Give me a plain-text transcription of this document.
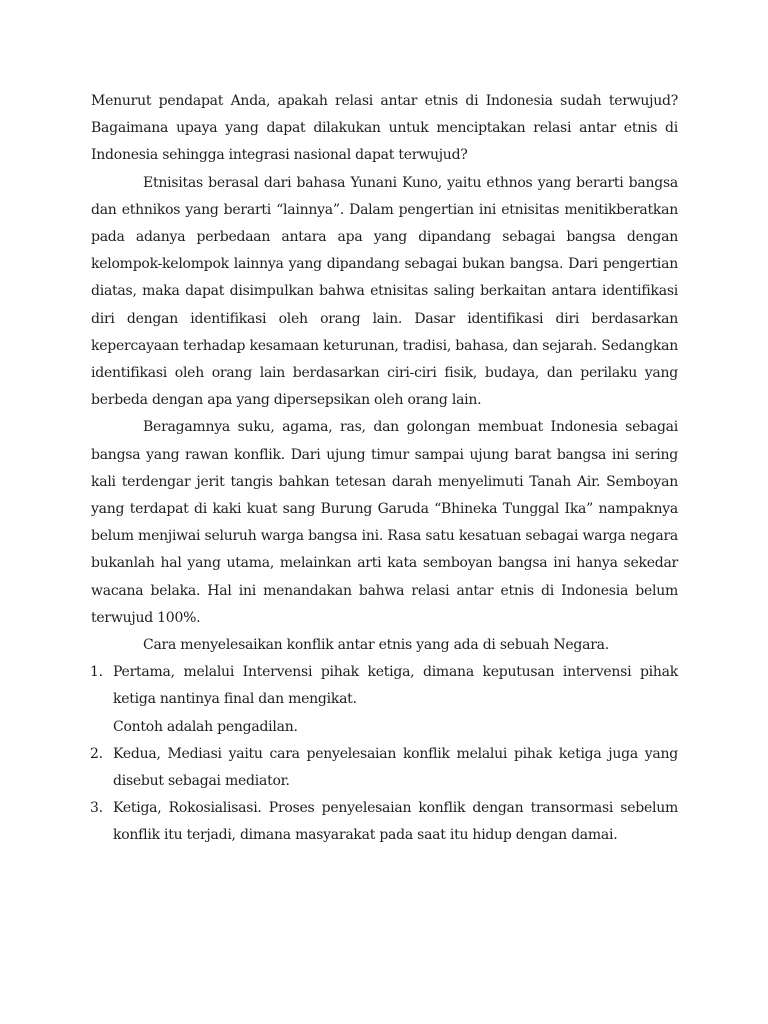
Menurut pendapat Anda, apakah relasi antar etnis di Indonesia sudah terwujud? Bagaimana upaya yang dapat dilakukan untuk menciptakan relasi antar etnis di Indonesia sehingga integrasi nasional dapat terwujud?

Etnisitas berasal dari bahasa Yunani Kuno, yaitu ethnos yang berarti bangsa dan ethnikos yang berarti “lainnya”. Dalam pengertian ini etnisitas menitikberatkan pada adanya perbedaan antara apa yang dipandang sebagai bangsa dengan kelompok-kelompok lainnya yang dipandang sebagai bukan bangsa. Dari pengertian diatas, maka dapat disimpulkan bahwa etnisitas saling berkaitan antara identifikasi diri dengan identifikasi oleh orang lain. Dasar identifikasi diri berdasarkan kepercayaan terhadap kesamaan keturunan, tradisi, bahasa, dan sejarah. Sedangkan identifikasi oleh orang lain berdasarkan ciri-ciri fisik, budaya, dan perilaku yang berbeda dengan apa yang dipersepsikan oleh orang lain.

Beragamnya suku, agama, ras, dan golongan membuat Indonesia sebagai bangsa yang rawan konflik. Dari ujung timur sampai ujung barat bangsa ini sering kali terdengar jerit tangis bahkan tetesan darah menyelimuti Tanah Air. Semboyan yang terdapat di kaki kuat sang Burung Garuda “Bhineka Tunggal Ika” nampaknya belum menjiwai seluruh warga bangsa ini. Rasa satu kesatuan sebagai warga negara bukanlah hal yang utama, melainkan arti kata semboyan bangsa ini hanya sekedar wacana belaka. Hal ini menandakan bahwa relasi antar etnis di Indonesia belum terwujud 100%.

Cara menyelesaikan konflik antar etnis yang ada di sebuah Negara.

1. Pertama, melalui Intervensi pihak ketiga, dimana keputusan intervensi pihak ketiga nantinya final dan mengikat.
Contoh adalah pengadilan.
2. Kedua, Mediasi yaitu cara penyelesaian konflik melalui pihak ketiga juga yang disebut sebagai mediator.
3. Ketiga, Rokosialisasi. Proses penyelesaian konflik dengan transormasi sebelum konflik itu terjadi, dimana masyarakat pada saat itu hidup dengan damai.
